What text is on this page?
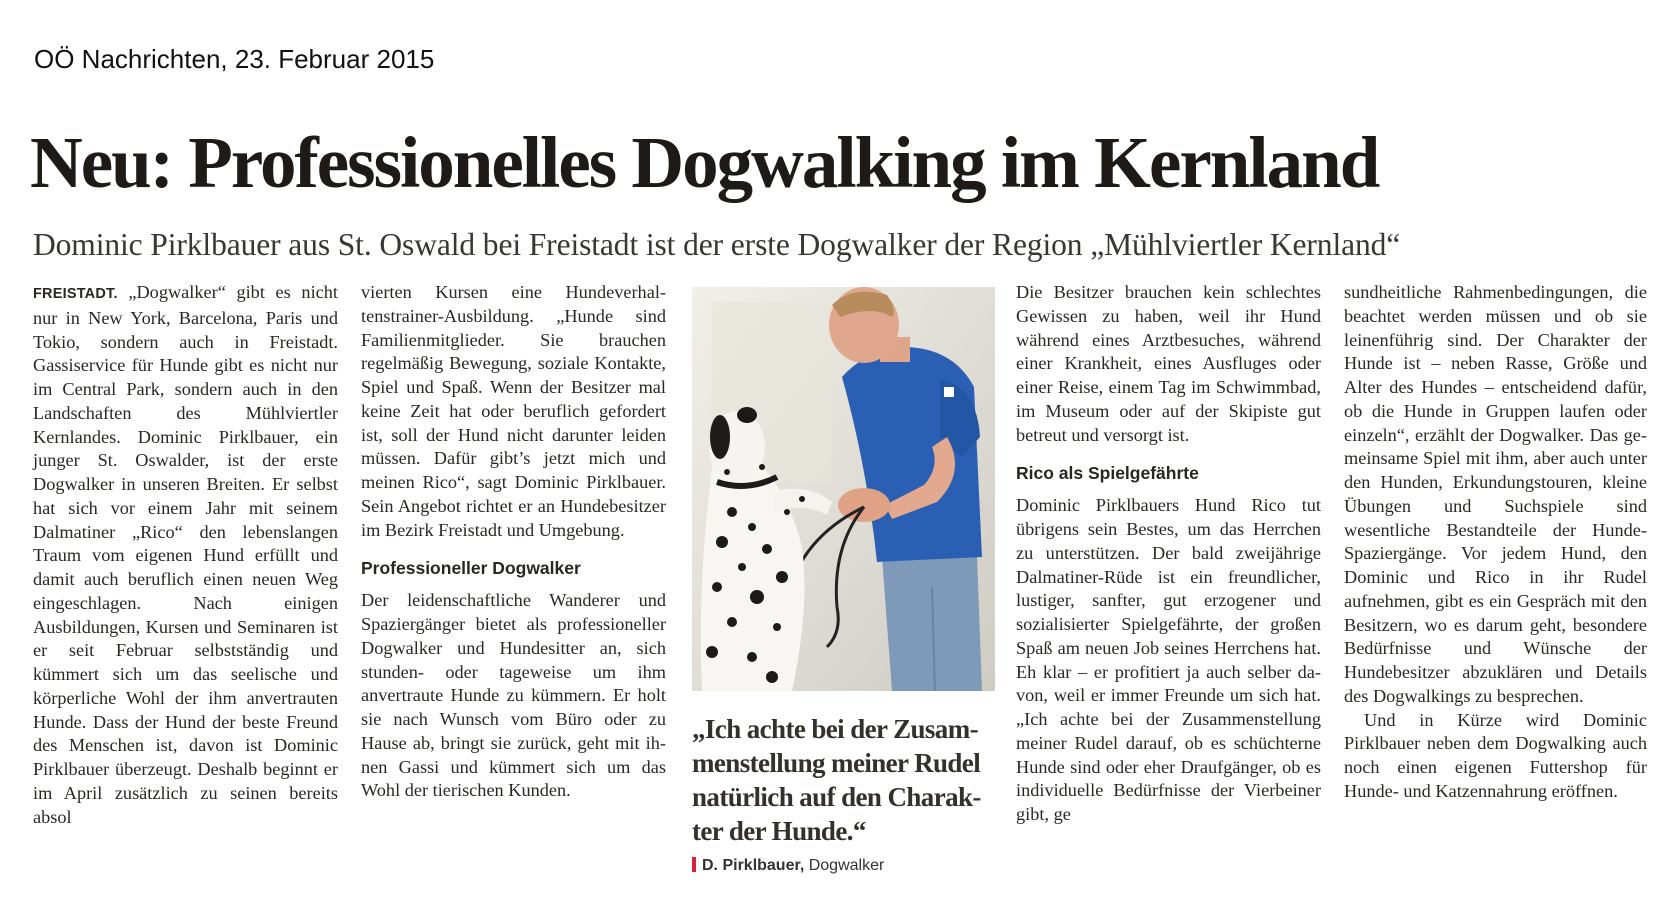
OÖ Nachrichten, 23. Februar 2015
Neu: Professionelles Dogwalking im Kernland
Dominic Pirklbauer aus St. Oswald bei Freistadt ist der erste Dogwalker der Region „Mühlviertler Kernland“

FREISTADT. „Dogwalker“ gibt es nicht nur in New York, Barcelona, Paris und Tokio, sondern auch in Freistadt. Gassiservice für Hunde gibt es nicht nur im Central Park, sondern auch in den Landschaften des Mühlviertler Kernlandes. Dominic Pirklbauer, ein junger St. Oswalder, ist der erste Dogwalker in unseren Breiten. Er selbst hat sich vor einem Jahr mit seinem Dalmatiner „Rico“ den lebenslangen Traum vom eigenen Hund erfüllt und damit auch beruflich einen neuen Weg eingeschlagen. Nach einigen Ausbildungen, Kursen und Seminaren ist er seit Februar selbstständig und kümmert sich um das seelische und körperliche Wohl der ihm anvertrauten Hunde. Dass der Hund der beste Freund des Menschen ist, davon ist Dominic Pirklbauer überzeugt. Deshalb beginnt er im April zusätzlich zu seinen bereits absol

vierten Kursen eine Hundeverhaltenstrainer-Ausbildung. „Hunde sind Familienmitglieder. Sie brauchen regelmäßig Bewegung, soziale Kontakte, Spiel und Spaß. Wenn der Besitzer mal keine Zeit hat oder beruflich gefordert ist, soll der Hund nicht darunter leiden müssen. Dafür gibt’s jetzt mich und meinen Rico“, sagt Dominic Pirklbauer. Sein Angebot richtet er an Hundebesitzer im Bezirk Freistadt und Umgebung.

Professioneller Dogwalker

Der leidenschaftliche Wanderer und Spaziergänger bietet als professioneller Dogwalker und Hundesitter an, sich stunden- oder tageweise um ihm anvertraute Hunde zu kümmern. Er holt sie nach Wunsch vom Büro oder zu Hause ab, bringt sie zurück, geht mit ihnen Gassi und kümmert sich um das Wohl der tierischen Kunden.

„Ich achte bei der Zusammenstellung meiner Rudel natürlich auf den Charakter der Hunde.“
D. Pirklbauer, Dogwalker

Die Besitzer brauchen kein schlechtes Gewissen zu haben, weil ihr Hund während eines Arztbesuches, während einer Krankheit, eines Ausfluges oder einer Reise, einem Tag im Schwimmbad, im Museum oder auf der Skipiste gut betreut und versorgt ist.

Rico als Spielgefährte

Dominic Pirklbauers Hund Rico tut übrigens sein Bestes, um das Herrchen zu unterstützen. Der bald zweijährige Dalmatiner-Rüde ist ein freundlicher, lustiger, sanfter, gut erzogener und sozialisierter Spielgefährte, der großen Spaß am neuen Job seines Herrchens hat. Eh klar – er profitiert ja auch selber davon, weil er immer Freunde um sich hat. „Ich achte bei der Zusammenstellung meiner Rudel darauf, ob es schüchterne Hunde sind oder eher Draufgänger, ob es individuelle Bedürfnisse der Vierbeiner gibt, ge

sundheitliche Rahmenbedingungen, die beachtet werden müssen und ob sie leinenführig sind. Der Charakter der Hunde ist – neben Rasse, Größe und Alter des Hundes – entscheidend dafür, ob die Hunde in Gruppen laufen oder einzeln“, erzählt der Dogwalker. Das gemeinsame Spiel mit ihm, aber auch unter den Hunden, Erkundungstouren, kleine Übungen und Suchspiele sind wesentliche Bestandteile der Hunde-Spaziergänge. Vor jedem Hund, den Dominic und Rico in ihr Rudel aufnehmen, gibt es ein Gespräch mit den Besitzern, wo es darum geht, besondere Bedürfnisse und Wünsche der Hundebesitzer abzuklären und Details des Dogwalkings zu besprechen.

Und in Kürze wird Dominic Pirklbauer neben dem Dogwalking auch noch einen eigenen Futtershop für Hunde- und Katzennahrung eröffnen.
